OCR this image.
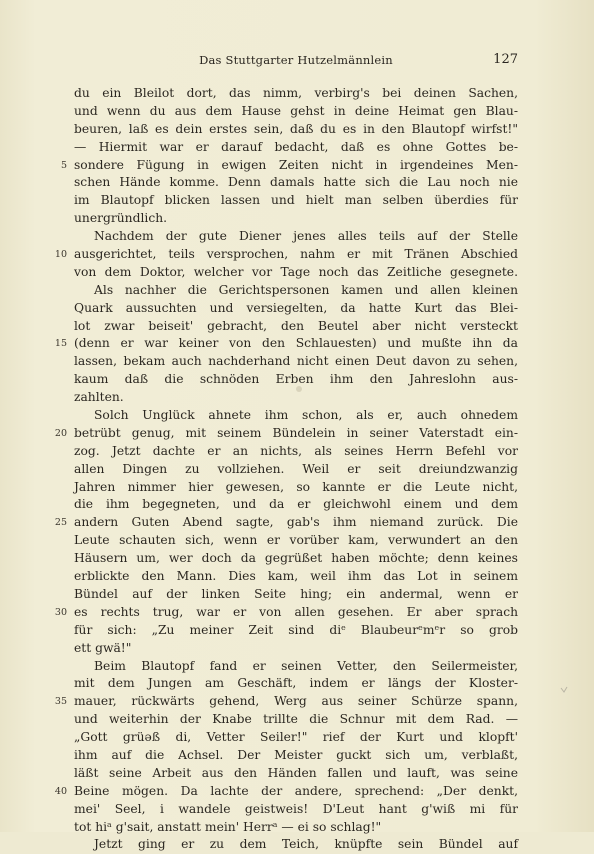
Das Stuttgarter Hutzelmännlein	127
du ein Bleilot dort, das nimm, verbirg's bei deinen Sachen,
und wenn du aus dem Hause gehst in deine Heimat gen Blau-
beuren, laß es dein erstes sein, daß du es in den Blautopf wirfst!"
— Hiermit war er darauf bedacht, daß es ohne Gottes be-
5 sondere Fügung in ewigen Zeiten nicht in irgendeines Men-
schen Hände komme. Denn damals hatte sich die Lau noch nie
im Blautopf blicken lassen und hielt man selben überdies für
unergründlich.
Nachdem der gute Diener jenes alles teils auf der Stelle
10 ausgerichtet, teils versprochen, nahm er mit Tränen Abschied
von dem Doktor, welcher vor Tage noch das Zeitliche gesegnete.
Als nachher die Gerichtspersonen kamen und allen kleinen
Quark aussuchten und versiegelten, da hatte Kurt das Blei-
lot zwar beiseit' gebracht, den Beutel aber nicht versteckt
15 (denn er war keiner von den Schlauesten) und mußte ihn da
lassen, bekam auch nachderhand nicht einen Deut davon zu sehen,
kaum daß die schnöden Erben ihm den Jahreslohn aus-
zahlten.
Solch Unglück ahnete ihm schon, als er, auch ohnedem
20 betrübt genug, mit seinem Bündelein in seiner Vaterstadt ein-
zog. Jetzt dachte er an nichts, als seines Herrn Befehl vor
allen Dingen zu vollziehen. Weil er seit dreiundzwanzig
Jahren nimmer hier gewesen, so kannte er die Leute nicht,
die ihm begegneten, und da er gleichwohl einem und dem
25 andern Guten Abend sagte, gab's ihm niemand zurück. Die
Leute schauten sich, wenn er vorüber kam, verwundert an den
Häusern um, wer doch da gegrüßet haben möchte; denn keines
erblickte den Mann. Dies kam, weil ihm das Lot in seinem
Bündel auf der linken Seite hing; ein andermal, wenn er
30 es rechts trug, war er von allen gesehen. Er aber sprach
für sich: „Zu meiner Zeit sind diᵉ Blaubeurᵉmᵉr so grob
ett gwä!"
Beim Blautopf fand er seinen Vetter, den Seilermeister,
mit dem Jungen am Geschäft, indem er längs der Kloster-
35 mauer, rückwärts gehend, Werg aus seiner Schürze spann,
und weiterhin der Knabe trillte die Schnur mit dem Rad. —
„Gott grüəß di, Vetter Seiler!" rief der Kurt und klopft'
ihm auf die Achsel. Der Meister guckt sich um, verblaßt,
läßt seine Arbeit aus den Händen fallen und lauft, was seine
40 Beine mögen. Da lachte der andere, sprechend: „Der denkt,
mei' Seel, i wandele geistweis! D'Leut hant g'wiß mi für
tot hiᵃ g'sait, anstatt mein' Herrᵃ — ei so schlag!"
Jetzt ging er zu dem Teich, knüpfte sein Bündel auf
